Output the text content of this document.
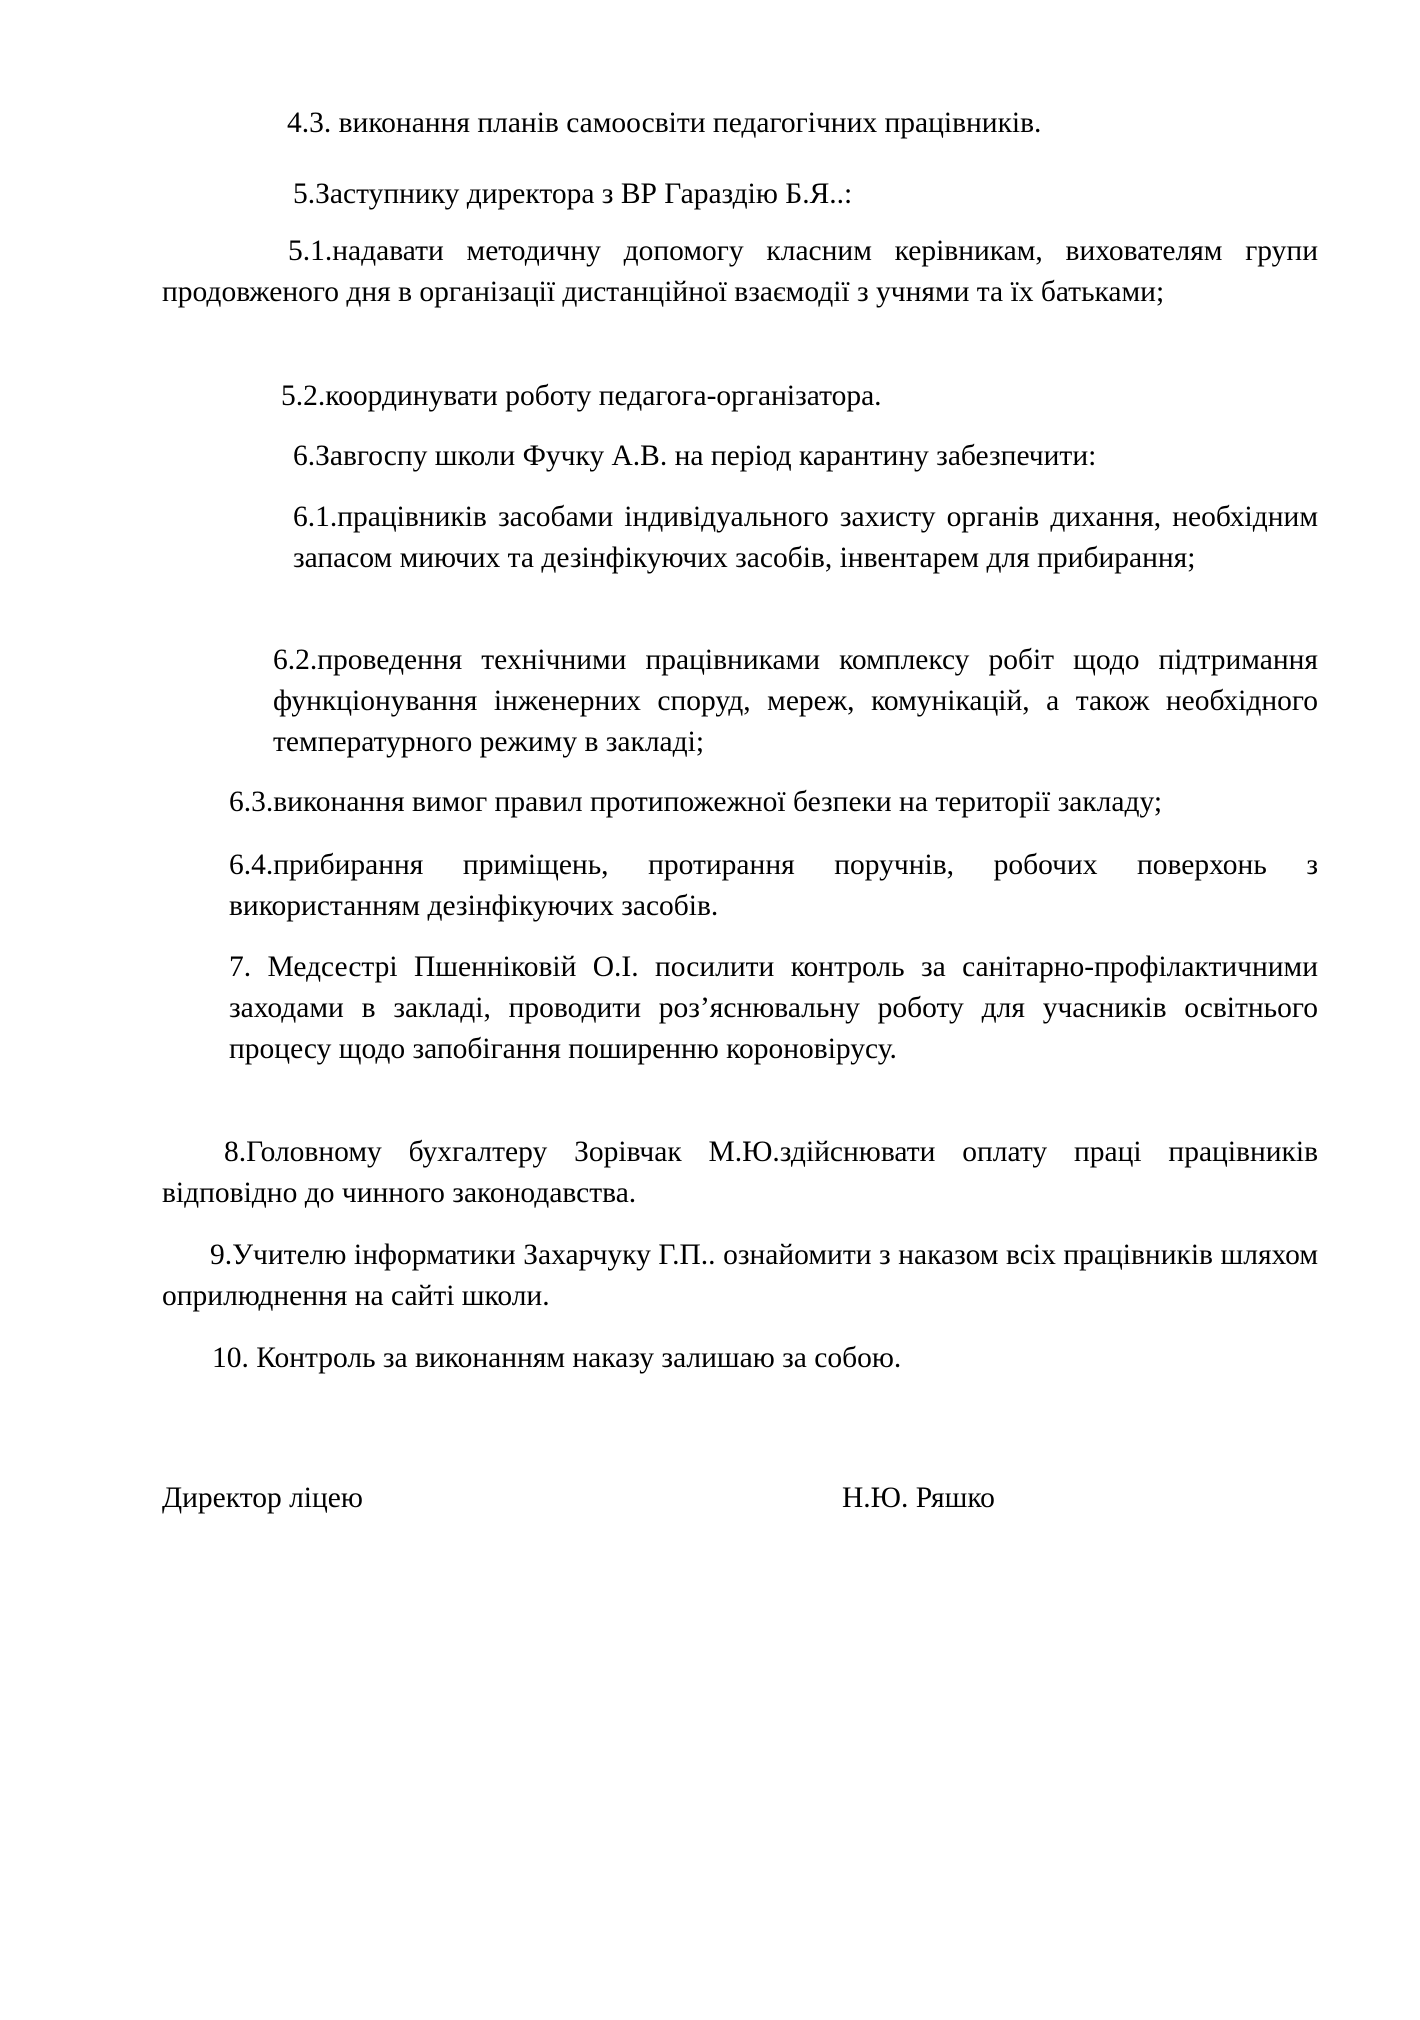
4.3. виконання планів самоосвіти педагогічних працівників.

5.Заступнику директора з ВР Гараздію Б.Я..:

5.1.надавати методичну допомогу класним керівникам, вихователям групи продовженого дня в організації дистанційної взаємодії з учнями та їх батьками;

5.2.координувати роботу педагога-організатора.

6.Завгоспу школи Фучку А.В. на період карантину забезпечити:

6.1.працівників засобами індивідуального захисту органів дихання, необхідним запасом миючих та дезінфікуючих засобів, інвентарем для прибирання;

6.2.проведення технічними працівниками комплексу робіт щодо підтримання функціонування інженерних споруд, мереж, комунікацій, а також необхідного температурного режиму в закладі;

6.3.виконання вимог правил протипожежної безпеки на території закладу;

6.4.прибирання приміщень, протирання поручнів, робочих поверхонь з використанням дезінфікуючих засобів.

7. Медсестрі Пшенніковій О.І. посилити контроль за санітарно-профілактичними заходами в закладі, проводити роз’яснювальну роботу для учасників освітнього процесу щодо запобігання поширенню короновірусу.

8.Головному бухгалтеру Зорівчак М.Ю.здійснювати оплату праці працівників відповідно до чинного законодавства.

9.Учителю інформатики Захарчуку Г.П.. ознайомити з наказом всіх працівників шляхом оприлюднення на сайті школи.

10. Контроль за виконанням наказу залишаю за собою.

Директор ліцею	Н.Ю. Ряшко
